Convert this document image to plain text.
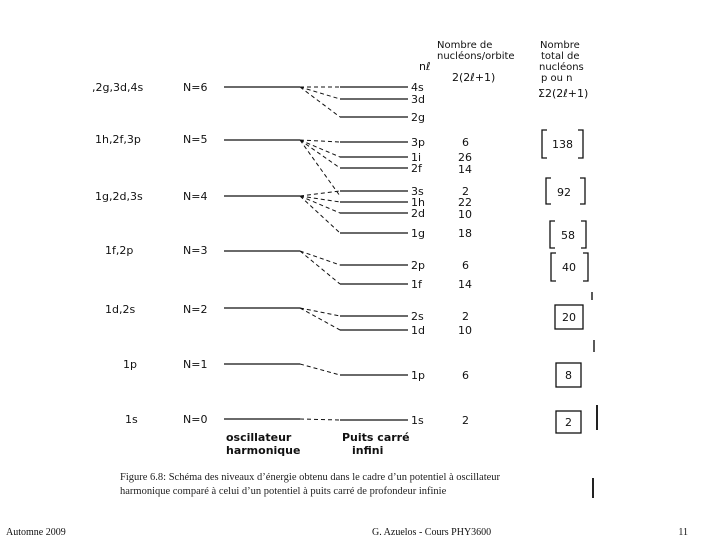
Nombre de
nucléons/orbite
nℓ
2(2ℓ+1)
Nombre
total de
nucléons
p ou n
Σ2(2ℓ+1)
,2g,3d,4s	N=6
1h,2f,3p	N=5
1g,2d,3s	N=4
1f,2p	N=3
1d,2s	N=2
1p	N=1
1s	N=0
4s
3d
2g
3p	6
1i	26
2f	14
3s	2
1h	22
2d	10
1g	18
2p	6
1f	14
2s	2
1d	10
1p	6
1s	2
138
92
58
40
20
8
2
oscillateur
harmonique
Puits carré
infini
Figure 6.8: Schéma des niveaux d’énergie obtenu dans le cadre d’un potentiel à oscillateur
harmonique comparé à celui d’un potentiel à puits carré de profondeur infinie
Automne 2009	G. Azuelos - Cours PHY3600	11
